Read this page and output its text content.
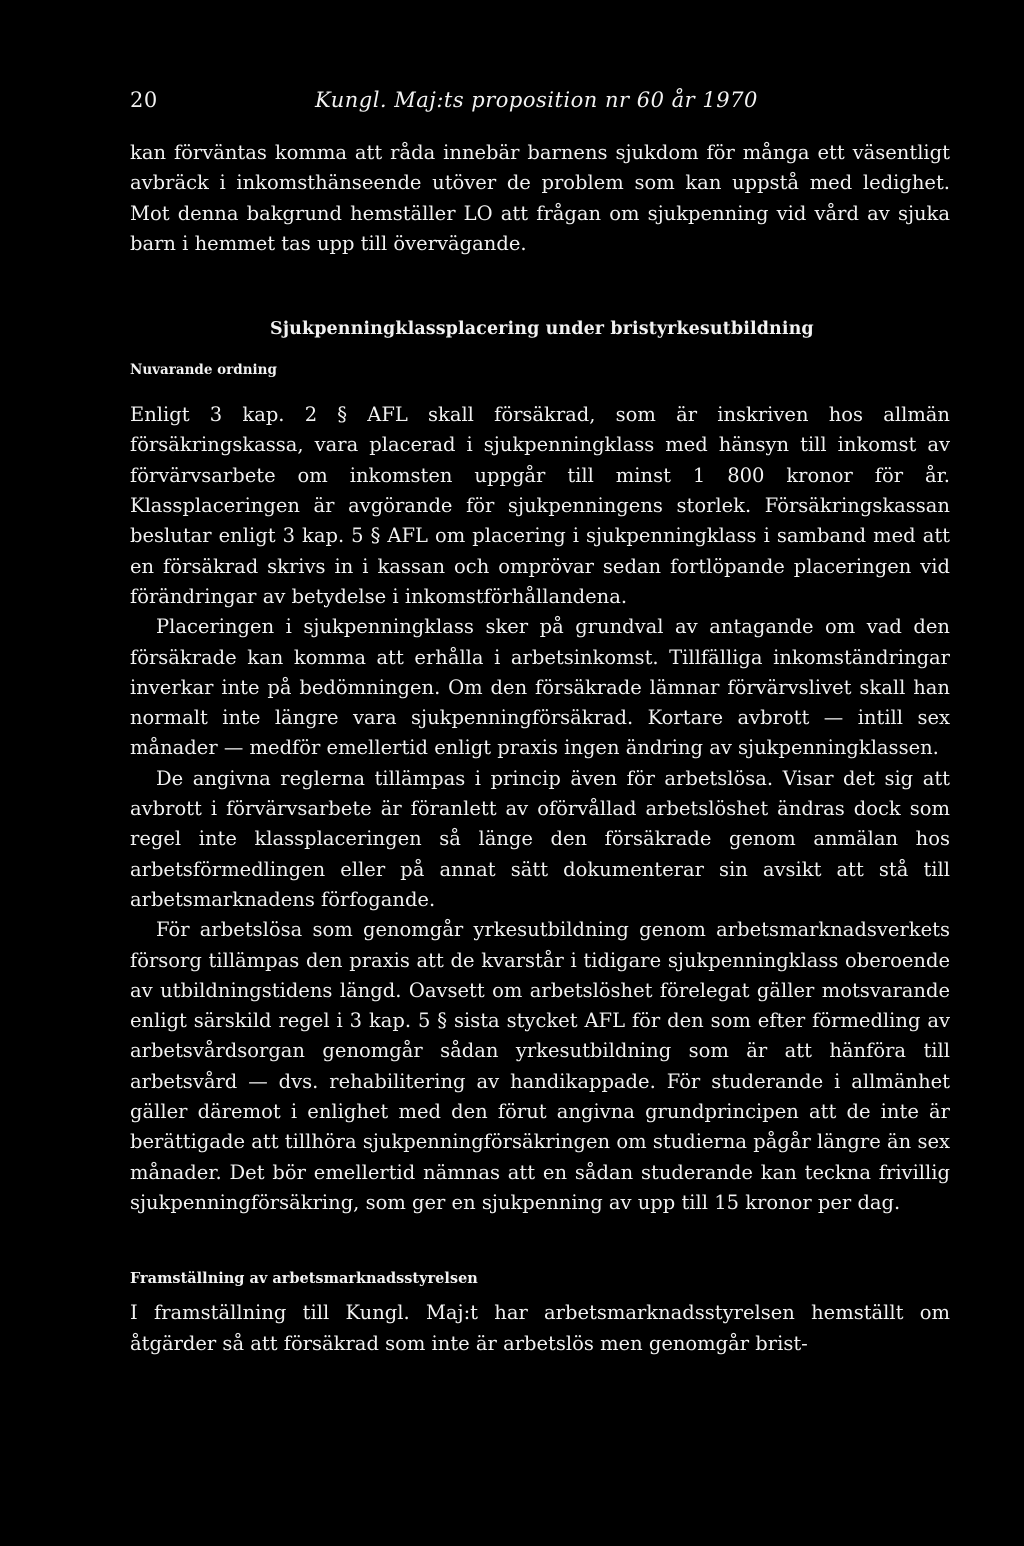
20	Kungl. Maj:ts proposition nr 60 år 1970

kan förväntas komma att råda innebär barnens sjukdom för många ett väsentligt avbräck i inkomsthänseende utöver de problem som kan uppstå med ledighet. Mot denna bakgrund hemställer LO att frågan om sjukpenning vid vård av sjuka barn i hemmet tas upp till övervägande.

Sjukpenningklassplacering under bristyrkesutbildning
Nuvarande ordning

Enligt 3 kap. 2 § AFL skall försäkrad, som är inskriven hos allmän försäkringskassa, vara placerad i sjukpenningklass med hänsyn till inkomst av förvärvsarbete om inkomsten uppgår till minst 1 800 kronor för år. Klassplaceringen är avgörande för sjukpenningens storlek. Försäkringskassan beslutar enligt 3 kap. 5 § AFL om placering i sjukpenningklass i samband med att en försäkrad skrivs in i kassan och omprövar sedan fortlöpande placeringen vid förändringar av betydelse i inkomstförhållandena.

Placeringen i sjukpenningklass sker på grundval av antagande om vad den försäkrade kan komma att erhålla i arbetsinkomst. Tillfälliga inkomständringar inverkar inte på bedömningen. Om den försäkrade lämnar förvärvslivet skall han normalt inte längre vara sjukpenningförsäkrad. Kortare avbrott — intill sex månader — medför emellertid enligt praxis ingen ändring av sjukpenningklassen.

De angivna reglerna tillämpas i princip även för arbetslösa. Visar det sig att avbrott i förvärvsarbete är föranlett av oförvållad arbetslöshet ändras dock som regel inte klassplaceringen så länge den försäkrade genom anmälan hos arbetsförmedlingen eller på annat sätt dokumenterar sin avsikt att stå till arbetsmarknadens förfogande.

För arbetslösa som genomgår yrkesutbildning genom arbetsmarknadsverkets försorg tillämpas den praxis att de kvarstår i tidigare sjukpenningklass oberoende av utbildningstidens längd. Oavsett om arbetslöshet förelegat gäller motsvarande enligt särskild regel i 3 kap. 5 § sista stycket AFL för den som efter förmedling av arbetsvårdsorgan genomgår sådan yrkesutbildning som är att hänföra till arbetsvård — dvs. rehabilitering av handikappade. För studerande i allmänhet gäller däremot i enlighet med den förut angivna grundprincipen att de inte är berättigade att tillhöra sjukpenningförsäkringen om studierna pågår längre än sex månader. Det bör emellertid nämnas att en sådan studerande kan teckna frivillig sjukpenningförsäkring, som ger en sjukpenning av upp till 15 kronor per dag.

Framställning av arbetsmarknadsstyrelsen

I framställning till Kungl. Maj:t har arbetsmarknadsstyrelsen hemställt om åtgärder så att försäkrad som inte är arbetslös men genomgår brist-
